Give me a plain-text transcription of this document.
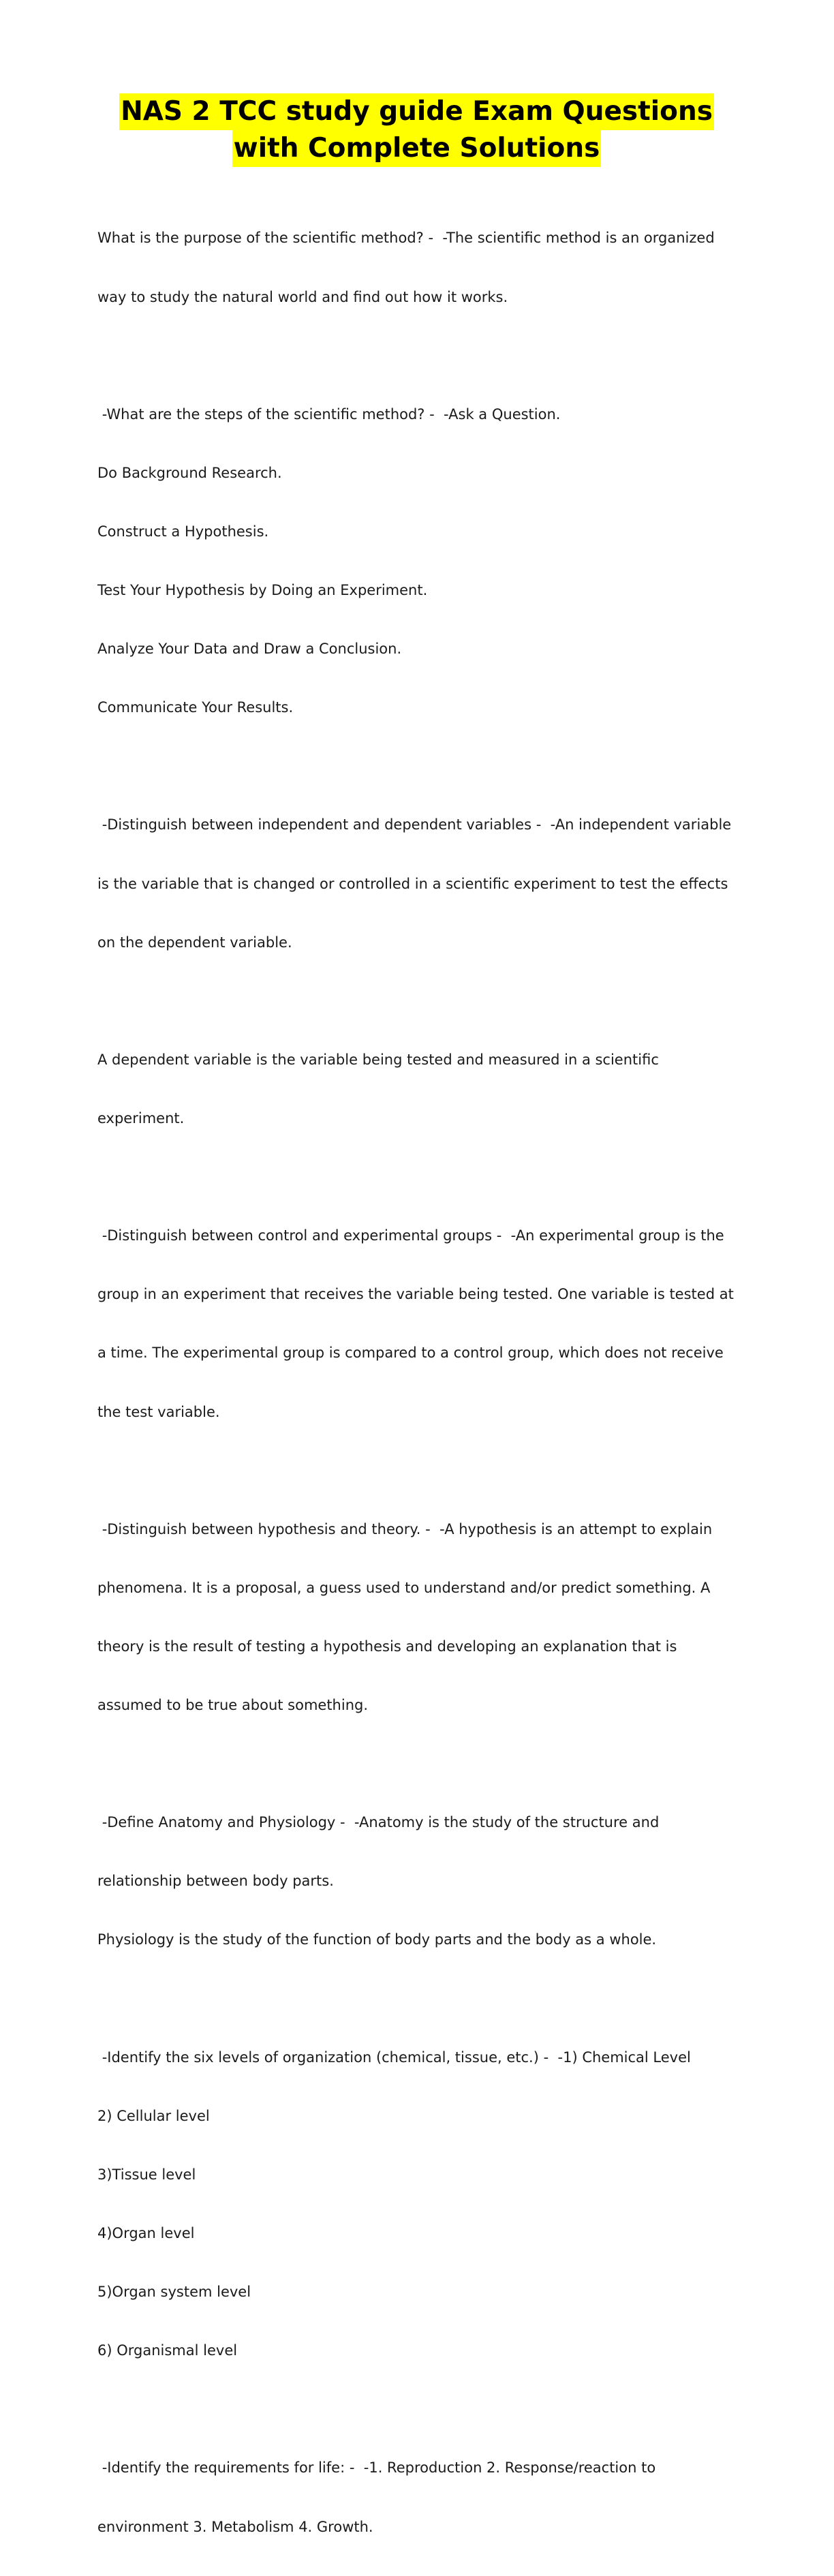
NAS 2 TCC study guide Exam Questions
with Complete Solutions

What is the purpose of the scientific method? -  -The scientific method is an organized

way to study the natural world and find out how it works.

-What are the steps of the scientific method? -  -Ask a Question.

Do Background Research.

Construct a Hypothesis.

Test Your Hypothesis by Doing an Experiment.

Analyze Your Data and Draw a Conclusion.

Communicate Your Results.

-Distinguish between independent and dependent variables -  -An independent variable

is the variable that is changed or controlled in a scientific experiment to test the effects

on the dependent variable.

A dependent variable is the variable being tested and measured in a scientific

experiment.

-Distinguish between control and experimental groups -  -An experimental group is the

group in an experiment that receives the variable being tested. One variable is tested at

a time. The experimental group is compared to a control group, which does not receive

the test variable.

-Distinguish between hypothesis and theory. -  -A hypothesis is an attempt to explain

phenomena. It is a proposal, a guess used to understand and/or predict something. A

theory is the result of testing a hypothesis and developing an explanation that is

assumed to be true about something.

-Define Anatomy and Physiology -  -Anatomy is the study of the structure and

relationship between body parts.

Physiology is the study of the function of body parts and the body as a whole.

-Identify the six levels of organization (chemical, tissue, etc.) -  -1) Chemical Level

2) Cellular level

3)Tissue level

4)Organ level

5)Organ system level

6) Organismal level

-Identify the requirements for life: -  -1. Reproduction 2. Response/reaction to

environment 3. Metabolism 4. Growth.
